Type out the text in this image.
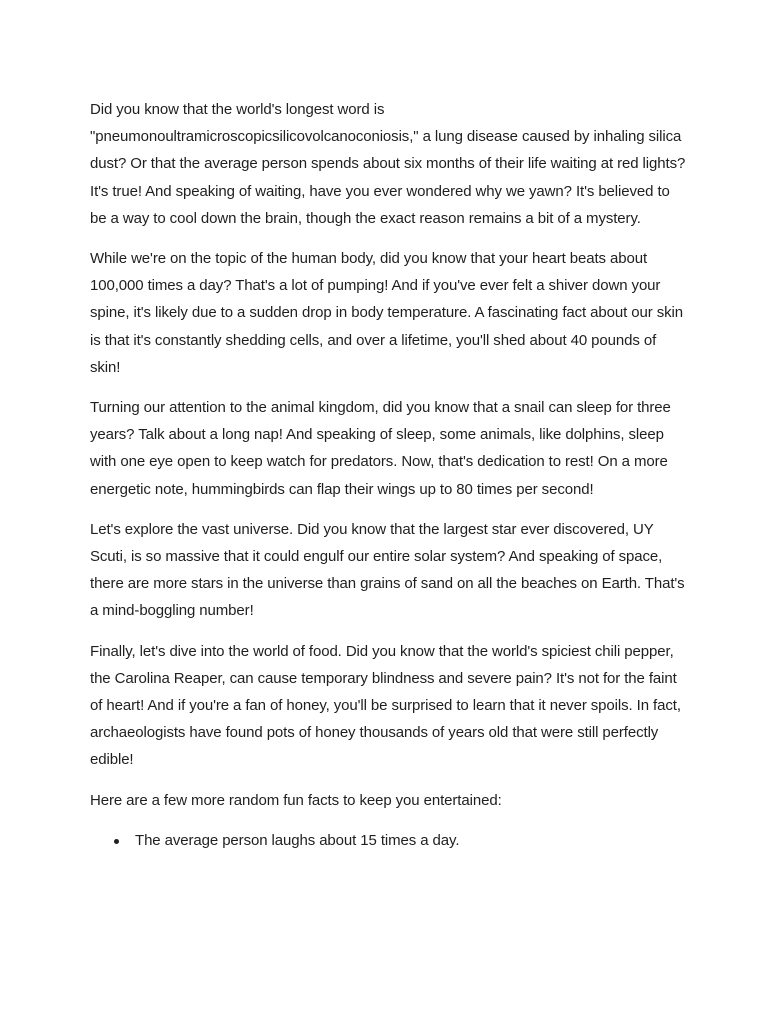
Did you know that the world's longest word is "pneumonoultramicroscopicsilicovolcanoconiosis," a lung disease caused by inhaling silica dust? Or that the average person spends about six months of their life waiting at red lights? It's true! And speaking of waiting, have you ever wondered why we yawn? It's believed to be a way to cool down the brain, though the exact reason remains a bit of a mystery.

While we're on the topic of the human body, did you know that your heart beats about 100,000 times a day? That's a lot of pumping! And if you've ever felt a shiver down your spine, it's likely due to a sudden drop in body temperature. A fascinating fact about our skin is that it's constantly shedding cells, and over a lifetime, you'll shed about 40 pounds of skin!

Turning our attention to the animal kingdom, did you know that a snail can sleep for three years? Talk about a long nap! And speaking of sleep, some animals, like dolphins, sleep with one eye open to keep watch for predators. Now, that's dedication to rest! On a more energetic note, hummingbirds can flap their wings up to 80 times per second!

Let's explore the vast universe. Did you know that the largest star ever discovered, UY Scuti, is so massive that it could engulf our entire solar system? And speaking of space, there are more stars in the universe than grains of sand on all the beaches on Earth. That's a mind-boggling number!

Finally, let's dive into the world of food. Did you know that the world's spiciest chili pepper, the Carolina Reaper, can cause temporary blindness and severe pain? It's not for the faint of heart! And if you're a fan of honey, you'll be surprised to learn that it never spoils. In fact, archaeologists have found pots of honey thousands of years old that were still perfectly edible!

Here are a few more random fun facts to keep you entertained:

The average person laughs about 15 times a day.
